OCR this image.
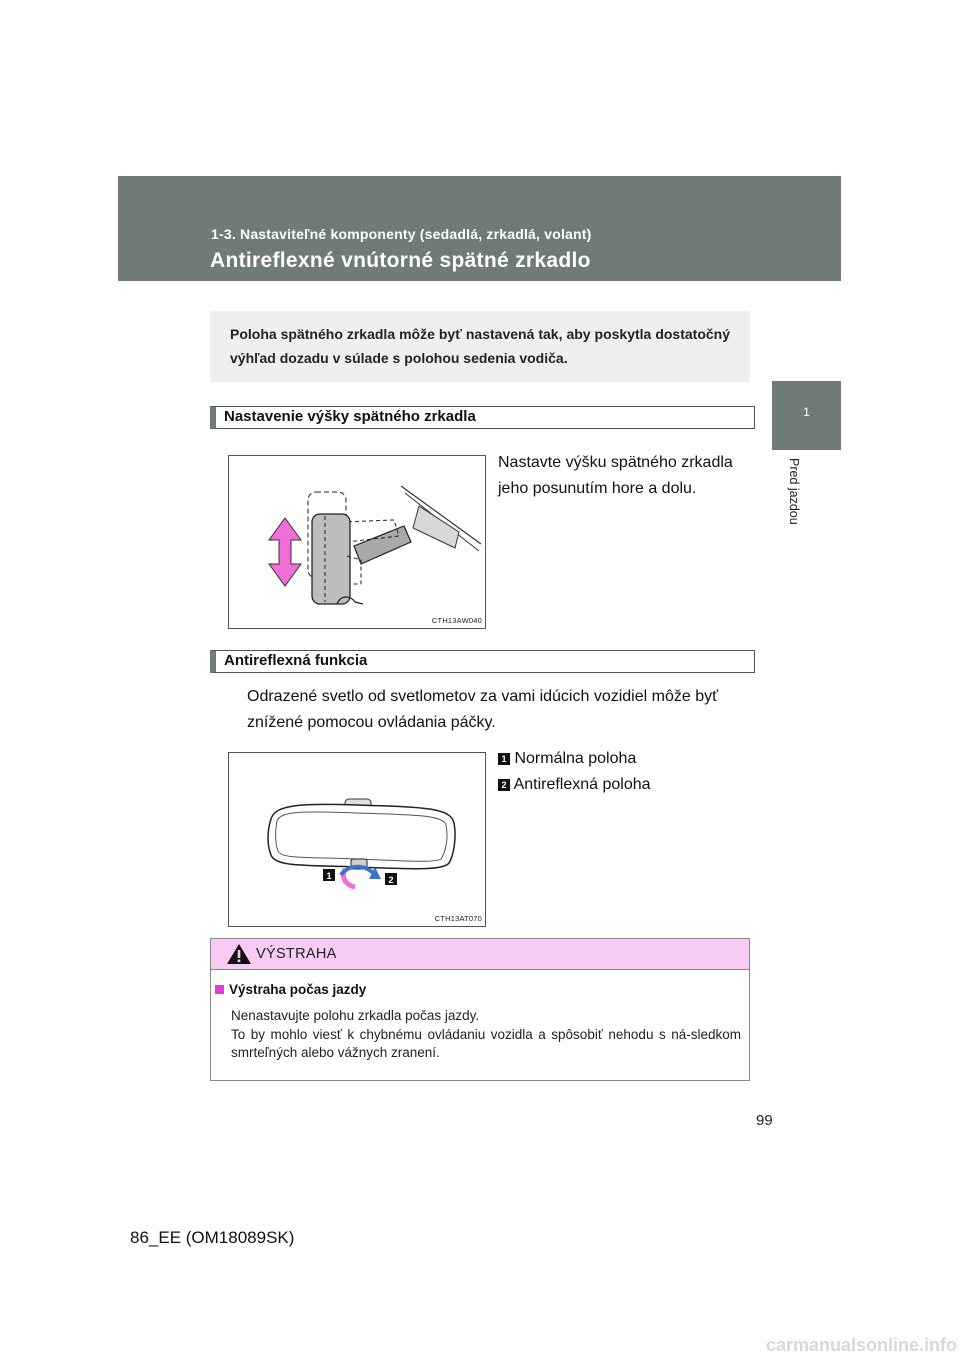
1-3. Nastaviteľné komponenty (sedadlá, zrkadlá, volant)
Antireflexné vnútorné spätné zrkadlo
1
Pred jazdou

Poloha spätného zrkadla môže byť nastavená tak, aby poskytla dostatočný výhľad dozadu v súlade s polohou sedenia vodiča.

Nastavenie výšky spätného zrkadla
CTH13AW040
Nastavte výšku spätného zrkadla jeho posunutím hore a dolu.
Antireflexná funkcia
Odrazené svetlo od svetlometov za vami idúcich vozidiel môže byť znížené pomocou ovládania páčky.
1 Normálna poloha
2 Antireflexná poloha
1	2
CTH13AT070
VÝSTRAHA
Výstraha počas jazdy
Nenastavujte polohu zrkadla počas jazdy.
To by mohlo viesť k chybnému ovládaniu vozidla a spôsobiť nehodu s ná-sledkom smrteľných alebo vážnych zranení.
99
86_EE (OM18089SK)
carmanualsonline.info
